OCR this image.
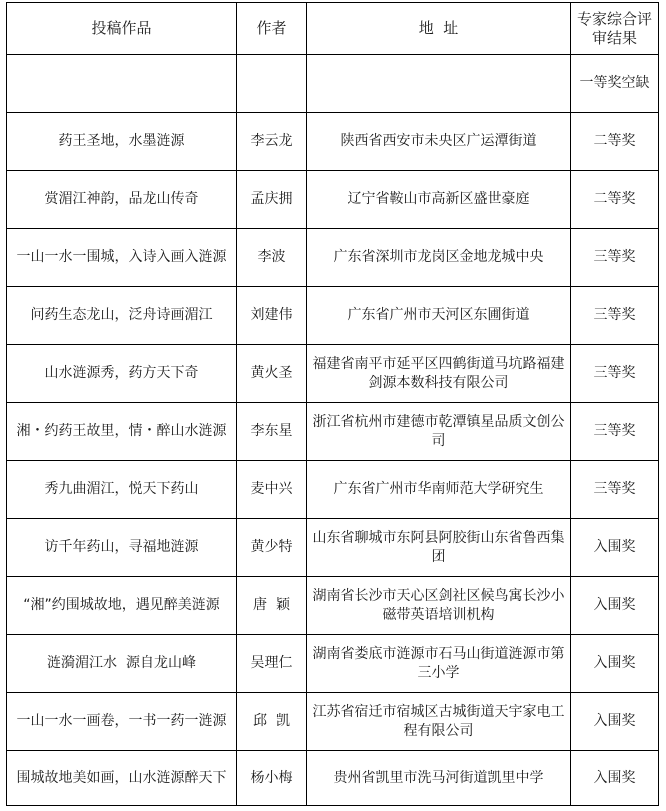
投稿作品	作者	地  址	专家综合评审结果
			一等奖空缺
药王圣地，水墨涟源	李云龙	陕西省西安市未央区广运潭街道	二等奖
赏湄江神韵，品龙山传奇	孟庆拥	辽宁省鞍山市高新区盛世豪庭	二等奖
一山一水一围城，入诗入画入涟源	李波	广东省深圳市龙岗区金地龙城中央	三等奖
问药生态龙山，泛舟诗画湄江	刘建伟	广东省广州市天河区东圃街道	三等奖
山水涟源秀，药方天下奇	黄火圣	福建省南平市延平区四鹤街道马坑路福建剑源本数科技有限公司	三等奖
湘・约药王故里，情・醉山水涟源	李东星	浙江省杭州市建德市乾潭镇星品质文创公司	三等奖
秀九曲湄江，悦天下药山	麦中兴	广东省广州市华南师范大学研究生	三等奖
访千年药山，寻福地涟源	黄少特	山东省聊城市东阿县阿胶街山东省鲁西集团	入围奖
“湘”约围城故地，遇见醉美涟源	唐  颖	湖南省长沙市天心区剑社区候鸟寓长沙小磁带英语培训机构	入围奖
涟漪湄江水  源自龙山峰	吴理仁	湖南省娄底市涟源市石马山街道涟源市第三小学	入围奖
一山一水一画卷，一书一药一涟源	邱  凯	江苏省宿迁市宿城区古城街道天宇家电工程有限公司	入围奖
围城故地美如画，山水涟源醉天下	杨小梅	贵州省凯里市洗马河街道凯里中学	入围奖
